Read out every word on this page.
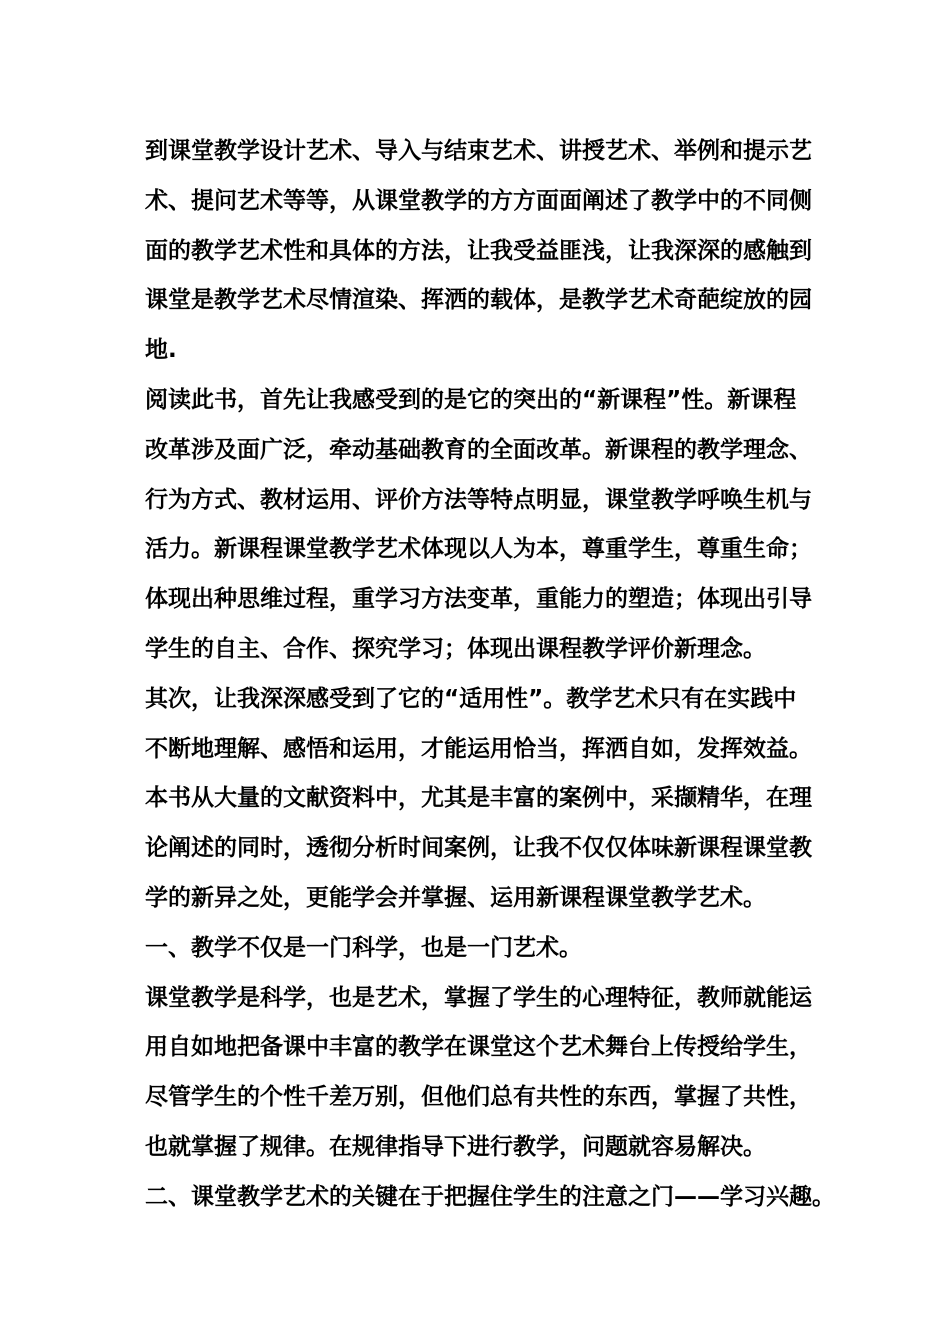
到课堂教学设计艺术、导入与结束艺术、讲授艺术、举例和提示艺
术、提问艺术等等，从课堂教学的方方面面阐述了教学中的不同侧
面的教学艺术性和具体的方法，让我受益匪浅，让我深深的感触到
课堂是教学艺术尽情渲染、挥洒的载体，是教学艺术奇葩绽放的园
地.
阅读此书，首先让我感受到的是它的突出的“新课程”性。新课程
改革涉及面广泛，牵动基础教育的全面改革。新课程的教学理念、
行为方式、教材运用、评价方法等特点明显，课堂教学呼唤生机与
活力。新课程课堂教学艺术体现以人为本，尊重学生，尊重生命；
体现出种思维过程，重学习方法变革，重能力的塑造；体现出引导
学生的自主、合作、探究学习；体现出课程教学评价新理念。
其次，让我深深感受到了它的“适用性”。教学艺术只有在实践中
不断地理解、感悟和运用，才能运用恰当，挥洒自如，发挥效益。
本书从大量的文献资料中，尤其是丰富的案例中，采撷精华，在理
论阐述的同时，透彻分析时间案例，让我不仅仅体味新课程课堂教
学的新异之处，更能学会并掌握、运用新课程课堂教学艺术。
一、教学不仅是一门科学，也是一门艺术。
课堂教学是科学，也是艺术，掌握了学生的心理特征，教师就能运
用自如地把备课中丰富的教学在课堂这个艺术舞台上传授给学生，
尽管学生的个性千差万别，但他们总有共性的东西，掌握了共性，
也就掌握了规律。在规律指导下进行教学，问题就容易解决。
二、课堂教学艺术的关键在于把握住学生的注意之门——学习兴趣。
